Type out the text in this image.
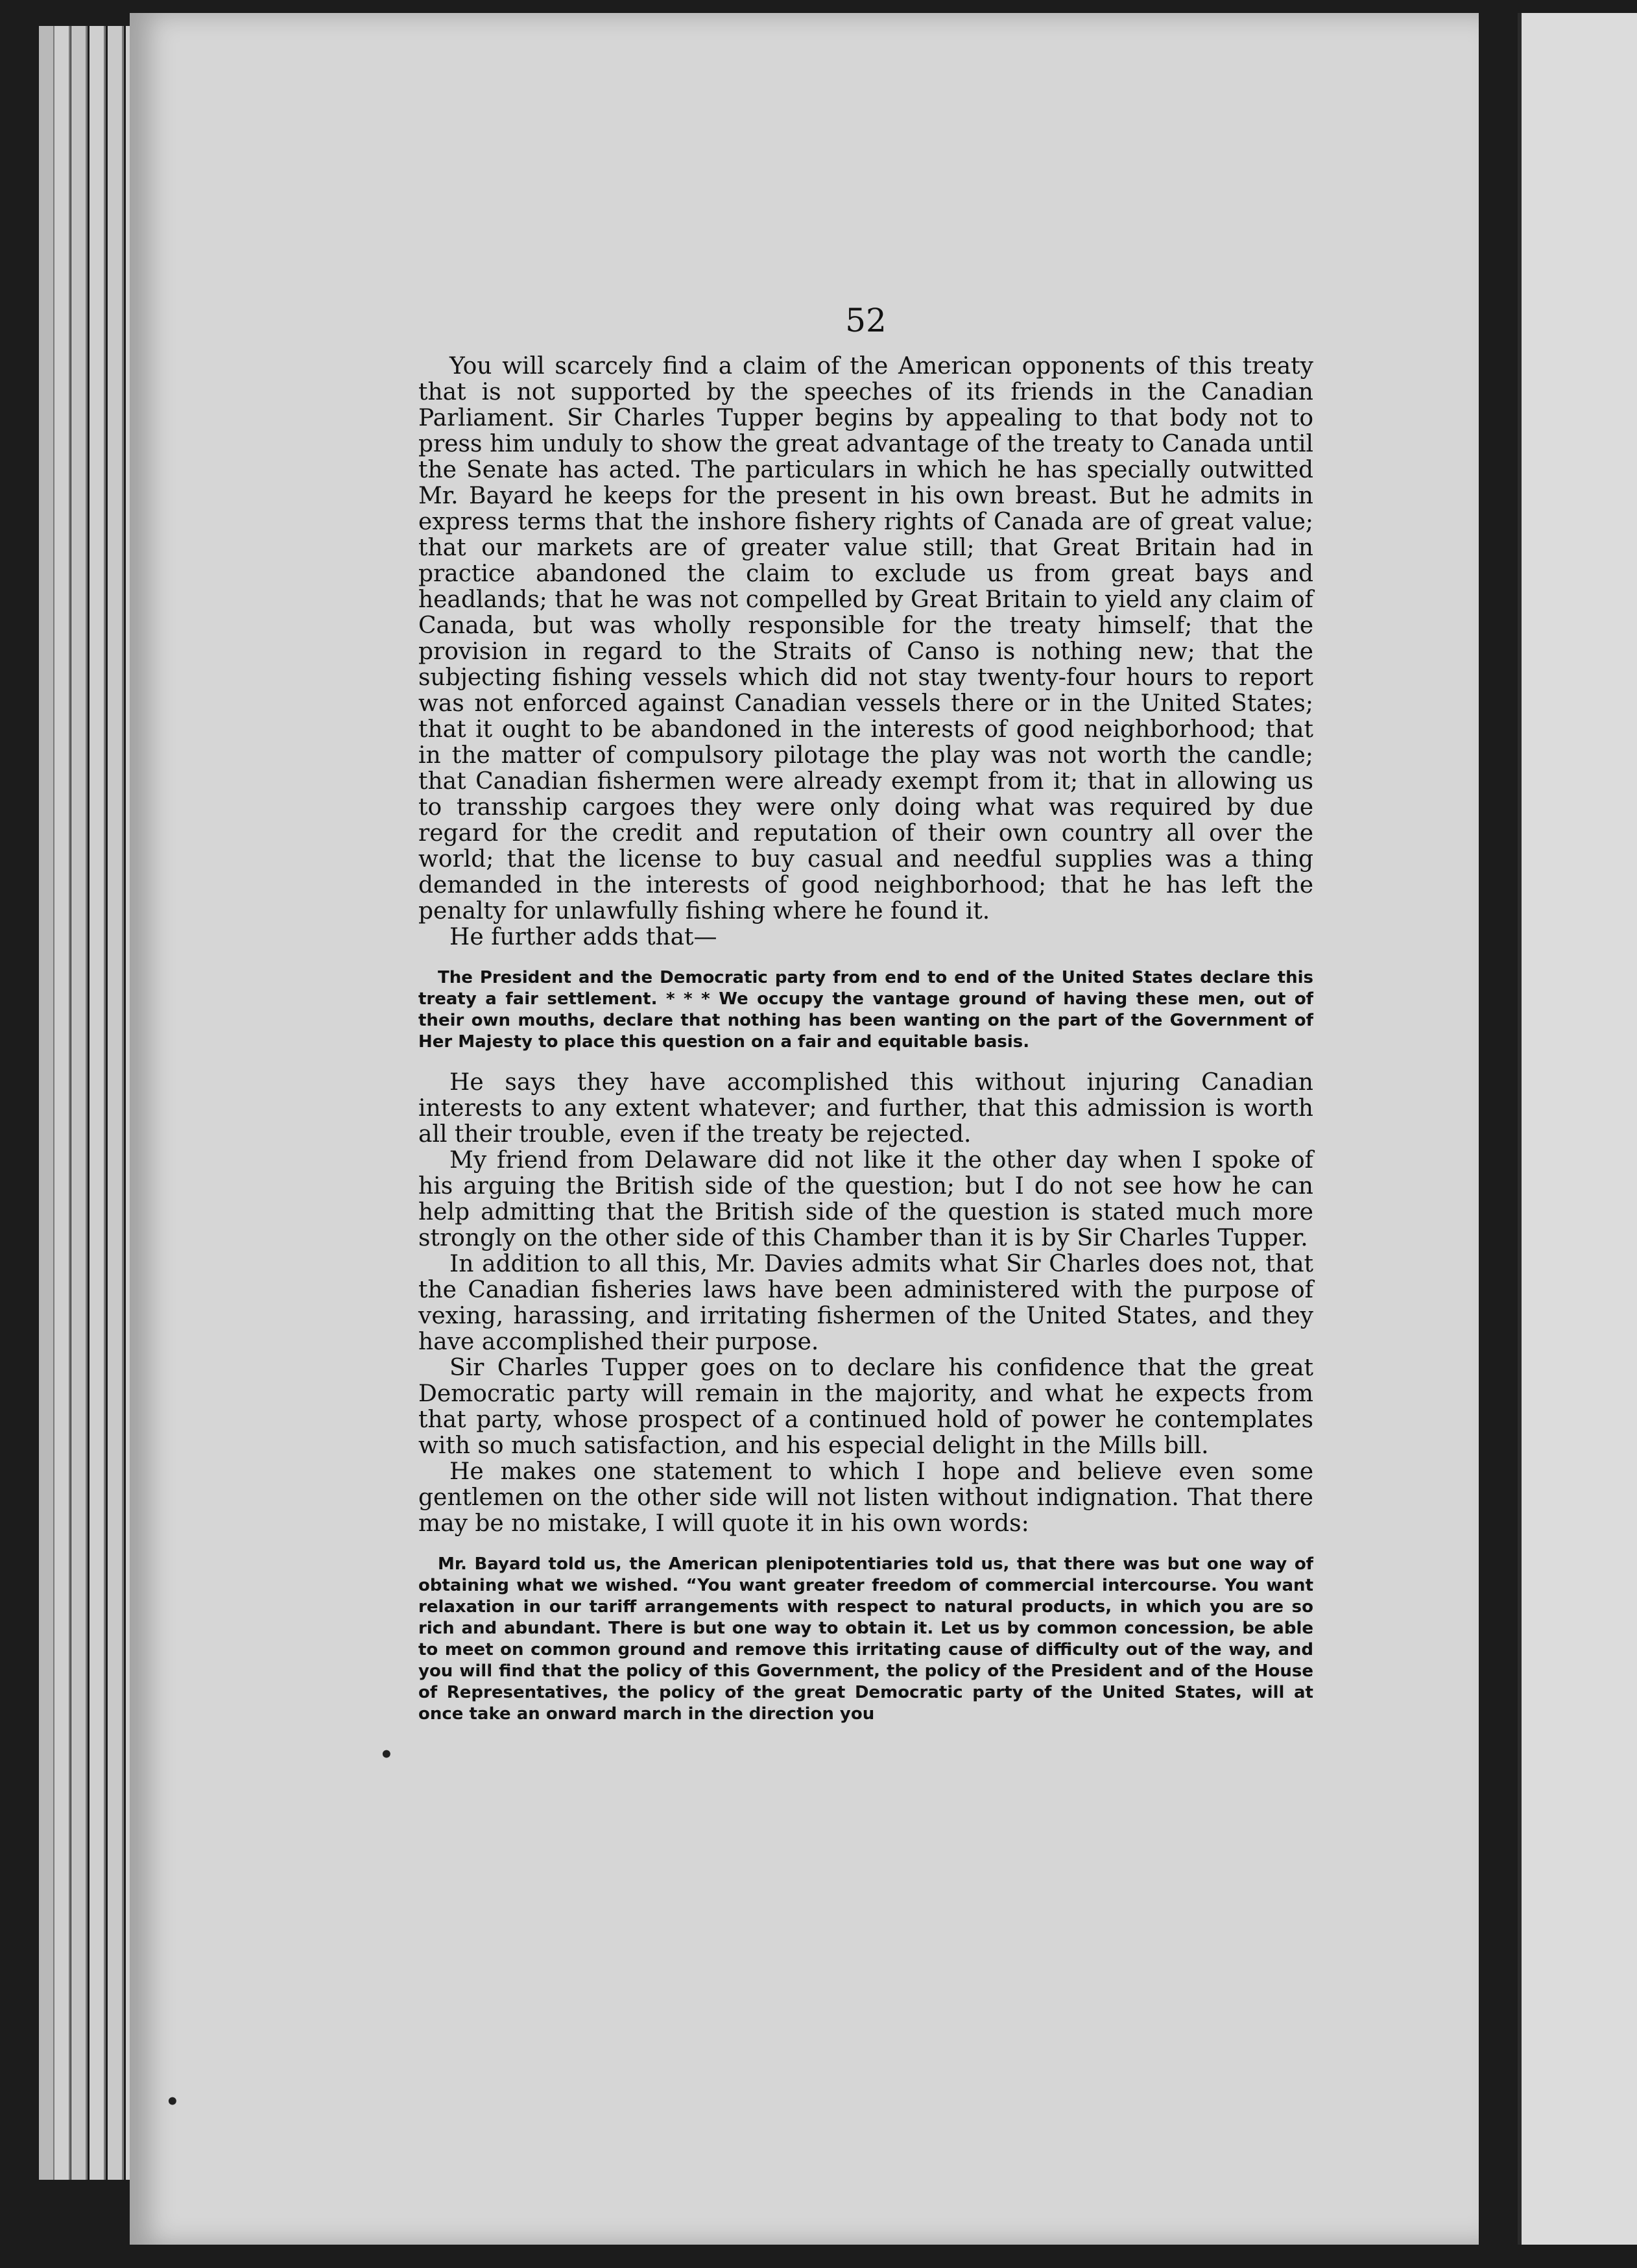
•
•
52

You will scarcely find a claim of the American opponents of this treaty that is not supported by the speeches of its friends in the Canadian Parliament. Sir Charles Tupper begins by appealing to that body not to press him unduly to show the great advantage of the treaty to Canada until the Senate has acted. The particulars in which he has specially outwitted Mr. Bayard he keeps for the present in his own breast. But he admits in express terms that the inshore fishery rights of Canada are of great value; that our markets are of greater value still; that Great Britain had in practice abandoned the claim to exclude us from great bays and headlands; that he was not compelled by Great Britain to yield any claim of Canada, but was wholly responsible for the treaty himself; that the provision in regard to the Straits of Canso is nothing new; that the subjecting fishing vessels which did not stay twenty-four hours to report was not enforced against Canadian vessels there or in the United States; that it ought to be abandoned in the interests of good neighborhood; that in the matter of compulsory pilotage the play was not worth the candle; that Canadian fishermen were already exempt from it; that in allowing us to transship cargoes they were only doing what was required by due regard for the credit and reputation of their own country all over the world; that the license to buy casual and needful supplies was a thing demanded in the interests of good neighborhood; that he has left the penalty for unlawfully fishing where he found it.

He further adds that—

The President and the Democratic party from end to end of the United States declare this treaty a fair settlement. * * * We occupy the vantage ground of having these men, out of their own mouths, declare that nothing has been wanting on the part of the Government of Her Majesty to place this question on a fair and equitable basis.

He says they have accomplished this without injuring Canadian interests to any extent whatever; and further, that this admission is worth all their trouble, even if the treaty be rejected.

My friend from Delaware did not like it the other day when I spoke of his arguing the British side of the question; but I do not see how he can help admitting that the British side of the question is stated much more strongly on the other side of this Chamber than it is by Sir Charles Tupper.

In addition to all this, Mr. Davies admits what Sir Charles does not, that the Canadian fisheries laws have been administered with the purpose of vexing, harassing, and irritating fishermen of the United States, and they have accomplished their purpose.

Sir Charles Tupper goes on to declare his confidence that the great Democratic party will remain in the majority, and what he expects from that party, whose prospect of a continued hold of power he contemplates with so much satisfaction, and his especial delight in the Mills bill.

He makes one statement to which I hope and believe even some gentlemen on the other side will not listen without indignation. That there may be no mistake, I will quote it in his own words:

Mr. Bayard told us, the American plenipotentiaries told us, that there was but one way of obtaining what we wished. “You want greater freedom of commercial intercourse. You want relaxation in our tariff arrangements with respect to natural products, in which you are so rich and abundant. There is but one way to obtain it. Let us by common concession, be able to meet on common ground and remove this irritating cause of difficulty out of the way, and you will find that the policy of this Government, the policy of the President and of the House of Representatives, the policy of the great Democratic party of the United States, will at once take an onward march in the direction you
